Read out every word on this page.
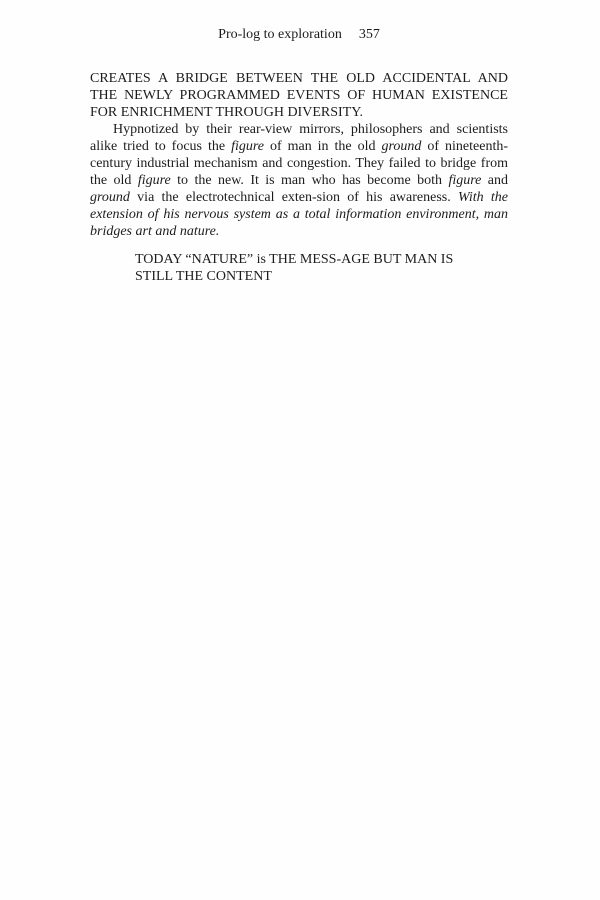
Pro-log to exploration 357
CREATES A BRIDGE BETWEEN THE OLD ACCIDENTAL AND
THE NEWLY PROGRAMMED EVENTS OF HUMAN EXISTENCE
FOR ENRICHMENT THROUGH DIVERSITY.
Hypnotized by their rear-view mirrors, philosophers and scientists
alike tried to focus the figure of man in the old ground of nineteenth-
century industrial mechanism and congestion. They failed to bridge from
the old figure to the new. It is man who has become both figure and
ground via the electrotechnical exten-sion of his awareness. With the
extension of his nervous system as a total information environment, man
bridges art and nature.
TODAY “NATURE” is THE MESS-AGE BUT MAN IS
STILL THE CONTENT
